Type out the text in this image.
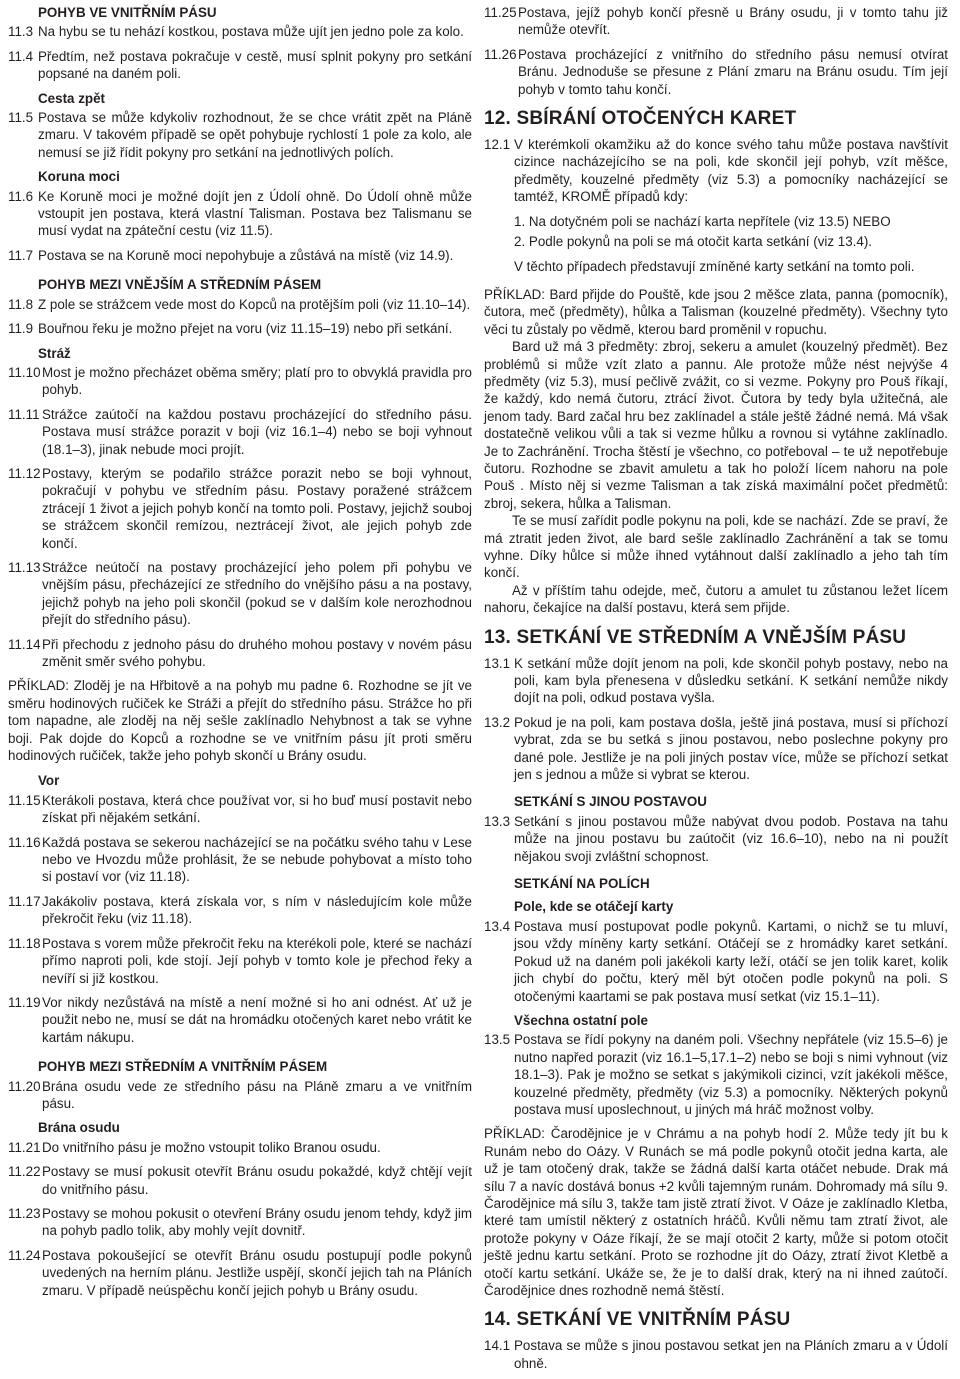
POHYB VE VNITŘNÍM PÁSU
11.3 Na hybu se tu nehází kostkou, postava může ujít jen jedno pole za kolo.
11.4 Předtím, než postava pokračuje v cestě, musí splnit pokyny pro setkání popsané na daném poli.
Cesta zpět
11.5 Postava se může kdykoliv rozhodnout, že se chce vrátit zpět na Pláně zmaru. V takovém případě se opět pohybuje rychlostí 1 pole za kolo, ale nemusí se již řídit pokyny pro setkání na jednotlivých polích.
Koruna moci
11.6 Ke Koruně moci je možné dojít jen z Údolí ohně. Do Údolí ohně může vstoupit jen postava, která vlastní Talisman. Postava bez Talismanu se musí vydat na zpáteční cestu (viz 11.5).
11.7 Postava se na Koruně moci nepohybuje a zůstává na místě (viz 14.9).
POHYB MEZI VNĚJŠÍM A STŘEDNÍM PÁSEM
11.8 Z pole se strážcem vede most do Kopců na protějším poli (viz 11.10–14).
11.9 Bouřnou řeku je možno přejet na voru (viz 11.15–19) nebo při setkání.
Stráž
11.10 Most je možno přecházet oběma směry; platí pro to obvyklá pravidla pro pohyb.
11.11 Strážce zaútočí na každou postavu procházející do středního pásu. Postava musí strážce porazit v boji (viz 16.1–4) nebo se boji vyhnout (18.1–3), jinak nebude moci projít.
11.12 Postavy, kterým se podařilo strážce porazit nebo se boji vyhnout, pokračují v pohybu ve středním pásu. Postavy poražené strážcem ztrácejí 1 život a jejich pohyb končí na tomto poli. Postavy, jejichž souboj se strážcem skončil remízou, neztrácejí život, ale jejich pohyb zde končí.
11.13 Strážce neútočí na postavy procházející jeho polem při pohybu ve vnějším pásu, přecházející ze středního do vnějšího pásu a na postavy, jejichž pohyb na jeho poli skončil (pokud se v dalším kole nerozhodnou přejít do středního pásu).
11.14 Při přechodu z jednoho pásu do druhého mohou postavy v novém pásu změnit směr svého pohybu.
PŘÍKLAD: Zloděj je na Hřbitově a na pohyb mu padne 6. Rozhodne se jít ve směru hodinových ručiček ke Stráži a přejít do středního pásu. Strážce ho při tom napadne, ale zloděj na něj sešle zaklínadlo Nehybnost a tak se vyhne boji. Pak dojde do Kopců a rozhodne se ve vnitřním pásu jít proti směru hodinových ručiček, takže jeho pohyb skončí u Brány osudu.
Vor
11.15 Kterákoli postava, která chce používat vor, si ho buď musí postavit nebo získat při nějakém setkání.
11.16 Každá postava se sekerou nacházející se na počátku svého tahu v Lese nebo ve Hvozdu může prohlásit, že se nebude pohybovat a místo toho si postaví vor (viz 11.18).
11.17 Jakákoliv postava, která získala vor, s ním v následujícím kole může překročit řeku (viz 11.18).
11.18 Postava s vorem může překročit řeku na kterékoli pole, které se nachází přímo naproti poli, kde stojí. Její pohyb v tomto kole je přechod řeky a nevíří si již kostkou.
11.19 Vor nikdy nezůstává na místě a není možné si ho ani odnést. Ať už je použit nebo ne, musí se dát na hromádku otočených karet nebo vrátit ke kartám nákupu.
POHYB MEZI STŘEDNÍM A VNITŘNÍM PÁSEM
11.20 Brána osudu vede ze středního pásu na Pláně zmaru a ve vnitřním pásu.
Brána osudu
11.21 Do vnitřního pásu je možno vstoupit toliko Branou osudu.
11.22 Postavy se musí pokusit otevřít Bránu osudu pokaždé, když chtějí vejít do vnitřního pásu.
11.23 Postavy se mohou pokusit o otevření Brány osudu jenom tehdy, když jim na pohyb padlo tolik, aby mohly vejít dovnitř.
11.24 Postava pokoušející se otevřít Bránu osudu postupují podle pokynů uvedených na herním plánu. Jestliže uspějí, skončí jejich tah na Pláních zmaru. V případě neúspěchu končí jejich pohyb u Brány osudu.
11.25 Postava, jejíž pohyb končí přesně u Brány osudu, ji v tomto tahu již nemůže otevřít.
11.26 Postava procházející z vnitřního do středního pásu nemusí otvírat Bránu. Jednoduše se přesune z Plání zmaru na Bránu osudu. Tím její pohyb v tomto tahu končí.
12. SBÍRÁNÍ OTOČENÝCH KARET
12.1 V kterémkoli okamžiku až do konce svého tahu může postava navštívit cizince nacházejícího se na poli, kde skončil její pohyb, vzít měšce, předměty, kouzelné předměty (viz 5.3) a pomocníky nacházející se tamtéž, KROMĚ případů kdy:
1. Na dotyčném poli se nachází karta nepřítele (viz 13.5) NEBO
2. Podle pokynů na poli se má otočit karta setkání (viz 13.4).
V těchto případech představují zmíněné karty setkání na tomto poli.
PŘÍKLAD: Bard přijde do Pouště, kde jsou 2 měšce zlata, panna (pomocník), čutora, meč (předměty), hůlka a Talisman (kouzelné předměty). Všechny tyto věci tu zůstaly po vědmě, kterou bard proměnil v ropuchu.
Bard už má 3 předměty: zbroj, sekeru a amulet (kouzelný předmět). Bez problémů si může vzít zlato a pannu. Ale protože může nést nejvýše 4 předměty (viz 5.3), musí pečlivě zvážit, co si vezme. Pokyny pro Pouš říkají, že každý, kdo nemá čutoru, ztrácí život. Čutora by tedy byla užitečná, ale jenom tady. Bard začal hru bez zaklínadel a stále ještě žádné nemá. Má však dostatečně velikou vůli a tak si vezme hůlku a rovnou si vytáhne zaklínadlo. Je to Zachránění. Trocha štěstí je všechno, co potřeboval – te už nepotřebuje čutoru. Rozhodne se zbavit amuletu a tak ho položí lícem nahoru na pole Pouš . Místo něj si vezme Talisman a tak získá maximální počet předmětů: zbroj, sekera, hůlka a Talisman.
Te se musí zařídit podle pokynu na poli, kde se nachází. Zde se praví, že má ztratit jeden život, ale bard sešle zaklínadlo Zachránění a tak se tomu vyhne. Díky hůlce si může ihned vytáhnout další zaklínadlo a jeho tah tím končí.
Až v příštím tahu odejde, meč, čutoru a amulet tu zůstanou ležet lícem nahoru, čekajíce na další postavu, která sem přijde.
13. SETKÁNÍ VE STŘEDNÍM A VNĚJŠÍM PÁSU
13.1 K setkání může dojít jenom na poli, kde skončil pohyb postavy, nebo na poli, kam byla přenesena v důsledku setkání. K setkání nemůže nikdy dojít na poli, odkud postava vyšla.
13.2 Pokud je na poli, kam postava došla, ještě jiná postava, musí si příchozí vybrat, zda se bu setká s jinou postavou, nebo poslechne pokyny pro dané pole. Jestliže je na poli jiných postav více, může se příchozí setkat jen s jednou a může si vybrat se kterou.
SETKÁNÍ S JINOU POSTAVOU
13.3 Setkání s jinou postavou může nabývat dvou podob. Postava na tahu může na jinou postavu bu zaútočit (viz 16.6–10), nebo na ni použít nějakou svoji zvláštní schopnost.
SETKÁNÍ NA POLÍCH
Pole, kde se otáčejí karty
13.4 Postava musí postupovat podle pokynů. Kartami, o nichž se tu mluví, jsou vždy míněny karty setkání. Otáčejí se z hromádky karet setkání. Pokud už na daném poli jakékoli karty leží, otáčí se jen tolik karet, kolik jich chybí do počtu, který měl být otočen podle pokynů na poli. S otočenými kaartami se pak postava musí setkat (viz 15.1–11).
Všechna ostatní pole
13.5 Postava se řídí pokyny na daném poli. Všechny nepřátele (viz 15.5–6) je nutno napřed porazit (viz 16.1–5,17.1–2) nebo se boji s nimi vyhnout (viz 18.1–3). Pak je možno se setkat s jakýmikoli cizinci, vzít jakékoli měšce, kouzelné předměty, předměty (viz 5.3) a pomocníky. Některých pokynů postava musí uposlechnout, u jiných má hráč možnost volby.
PŘÍKLAD: Čarodějnice je v Chrámu a na pohyb hodí 2. Může tedy jít bu k Runám nebo do Oázy. V Runách se má podle pokynů otočit jedna karta, ale už je tam otočený drak, takže se žádná další karta otáčet nebude. Drak má sílu 7 a navíc dostává bonus +2 kvůli tajemným runám. Dohromady má sílu 9. Čarodějnice má sílu 3, takže tam jistě ztratí život. V Oáze je zaklínadlo Kletba, které tam umístil některý z ostatních hráčů. Kvůli němu tam ztratí život, ale protože pokyny v Oáze říkají, že se mají otočit 2 karty, může si potom otočit ještě jednu kartu setkání. Proto se rozhodne jít do Oázy, ztratí život Kletbě a otočí kartu setkání. Ukáže se, že je to další drak, který na ni ihned zaútočí. Čarodějnice dnes rozhodně nemá štěstí.
14. SETKÁNÍ VE VNITŘNÍM PÁSU
14.1 Postava se může s jinou postavou setkat jen na Pláních zmaru a v Údolí ohně.
